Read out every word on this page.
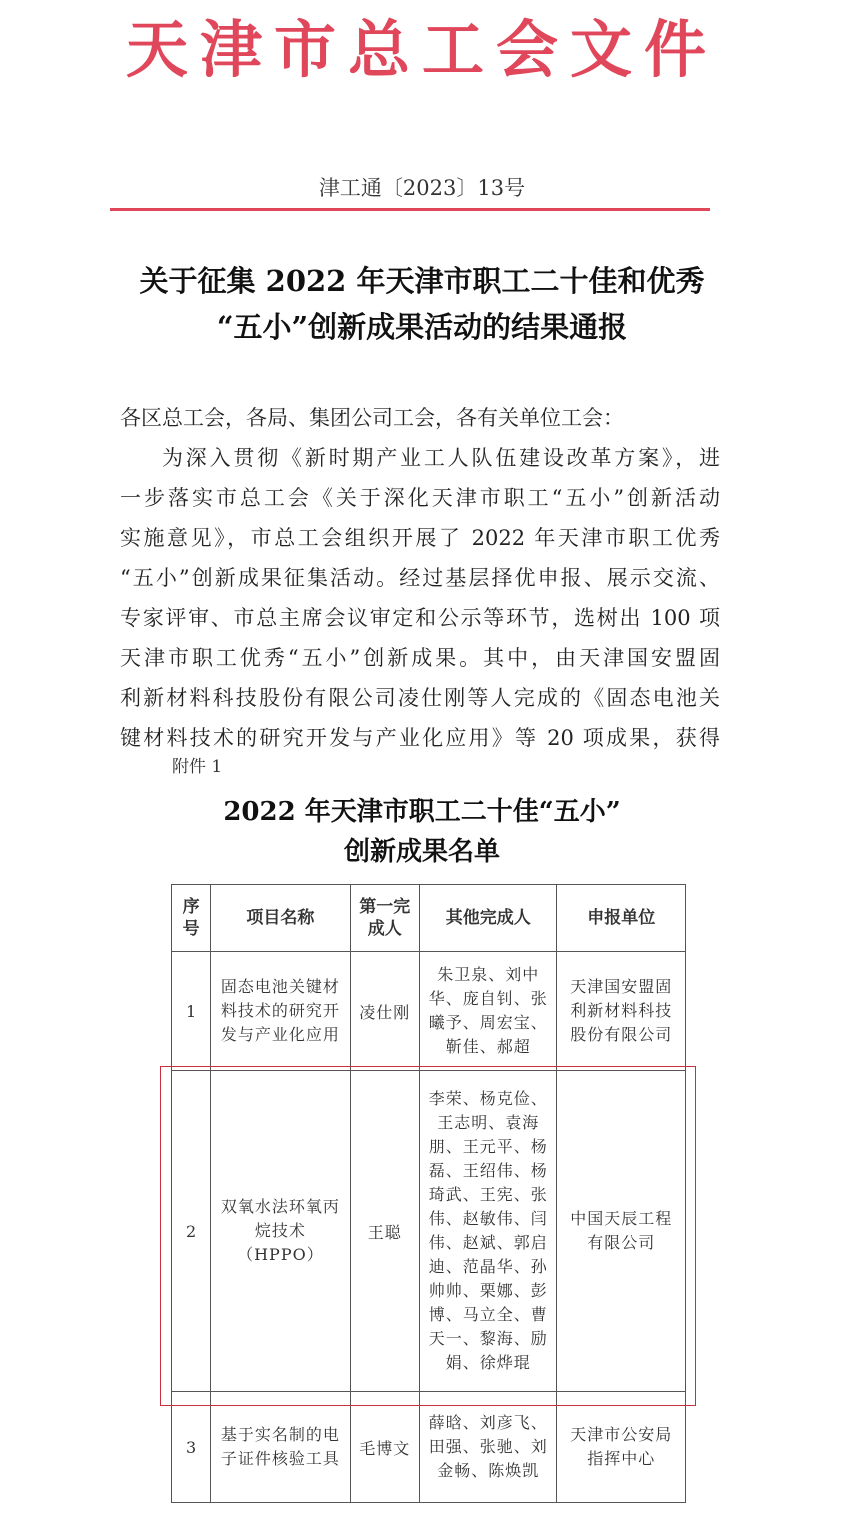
天津市总工会文件
津工通〔2023〕13号
关于征集 2022 年天津市职工二十佳和优秀
“五小”创新成果活动的结果通报

各区总工会，各局、集团公司工会，各有关单位工会：

为深入贯彻《新时期产业工人队伍建设改革方案》，进

一步落实市总工会《关于深化天津市职工“五小”创新活动

实施意见》，市总工会组织开展了 2022 年天津市职工优秀

“五小”创新成果征集活动。经过基层择优申报、展示交流、

专家评审、市总主席会议审定和公示等环节，选树出 100 项

天津市职工优秀“五小”创新成果。其中，由天津国安盟固

利新材料科技股份有限公司凌仕刚等人完成的《固态电池关

键材料技术的研究开发与产业化应用》等 20 项成果，获得

附件 1
2022 年天津市职工二十佳“五小”
创新成果名单
序号	项目名称	第一完成人	其他完成人	申报单位
1	固态电池关键材料技术的研究开发与产业化应用	凌仕刚	朱卫泉、刘中华、庞自钊、张曦予、周宏宝、靳佳、郝超	天津国安盟固利新材料科技股份有限公司
2	双氧水法环氧丙烷技术（HPPO）	王聪	李荣、杨克俭、王志明、袁海朋、王元平、杨磊、王绍伟、杨琦武、王宪、张伟、赵敏伟、闫伟、赵斌、郭启迪、范晶华、孙帅帅、栗娜、彭博、马立全、曹天一、黎海、励娟、徐烨琨	中国天辰工程有限公司
3	基于实名制的电子证件核验工具	毛博文	薛晗、刘彦飞、田强、张驰、刘金畅、陈焕凯	天津市公安局指挥中心
